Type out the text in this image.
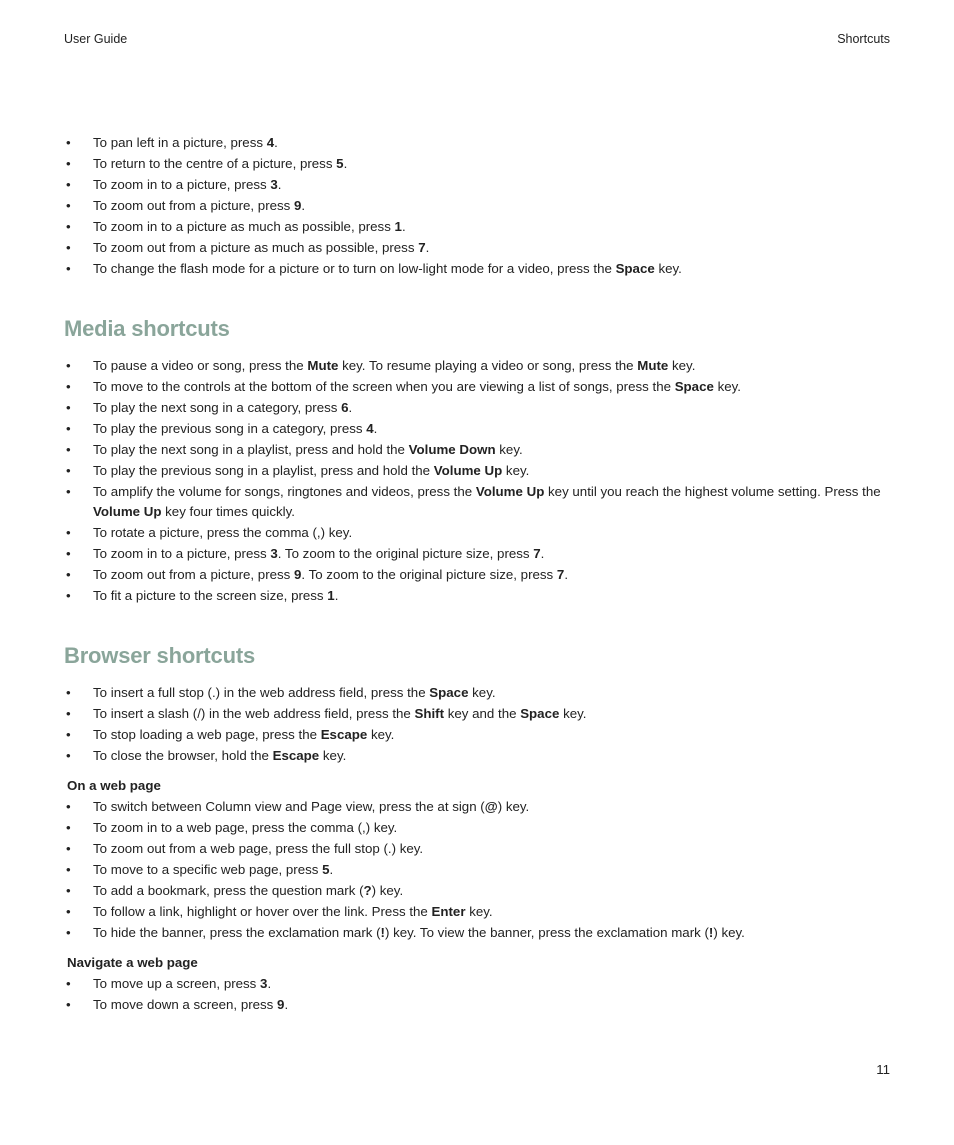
User Guide	Shortcuts
• To pan left in a picture, press 4.
• To return to the centre of a picture, press 5.
• To zoom in to a picture, press 3.
• To zoom out from a picture, press 9.
• To zoom in to a picture as much as possible, press 1.
• To zoom out from a picture as much as possible, press 7.
• To change the flash mode for a picture or to turn on low-light mode for a video, press the Space key.
Media shortcuts
• To pause a video or song, press the Mute key. To resume playing a video or song, press the Mute key.
• To move to the controls at the bottom of the screen when you are viewing a list of songs, press the Space key.
• To play the next song in a category, press 6.
• To play the previous song in a category, press 4.
• To play the next song in a playlist, press and hold the Volume Down key.
• To play the previous song in a playlist, press and hold the Volume Up key.
• To amplify the volume for songs, ringtones and videos, press the Volume Up key until you reach the highest volume setting. Press the Volume Up key four times quickly.
• To rotate a picture, press the comma (,) key.
• To zoom in to a picture, press 3. To zoom to the original picture size, press 7.
• To zoom out from a picture, press 9. To zoom to the original picture size, press 7.
• To fit a picture to the screen size, press 1.
Browser shortcuts
• To insert a full stop (.) in the web address field, press the Space key.
• To insert a slash (/) in the web address field, press the Shift key and the Space key.
• To stop loading a web page, press the Escape key.
• To close the browser, hold the Escape key.
On a web page
• To switch between Column view and Page view, press the at sign (@) key.
• To zoom in to a web page, press the comma (,) key.
• To zoom out from a web page, press the full stop (.) key.
• To move to a specific web page, press 5.
• To add a bookmark, press the question mark (?) key.
• To follow a link, highlight or hover over the link. Press the Enter key.
• To hide the banner, press the exclamation mark (!) key. To view the banner, press the exclamation mark (!) key.
Navigate a web page
• To move up a screen, press 3.
• To move down a screen, press 9.
11
